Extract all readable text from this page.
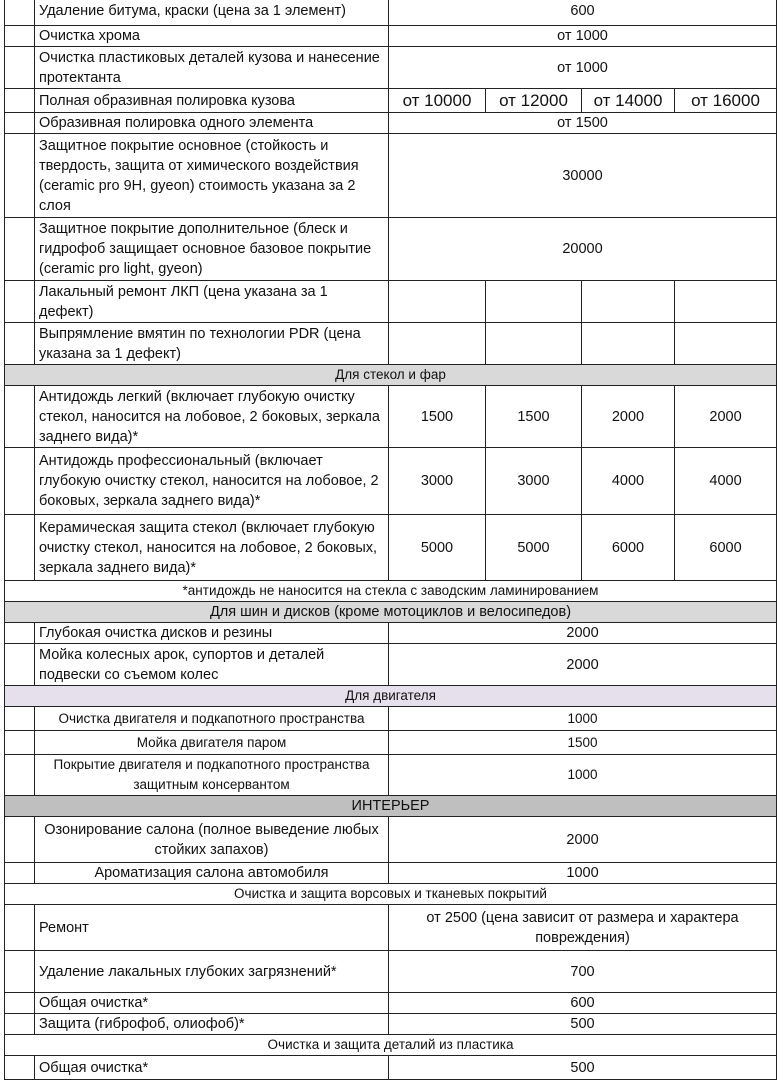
	Удаление битума, краски (цена за 1 элемент)	600			
	Очистка хрома	от 1000			
	Очистка пластиковых деталей кузова и нанесение протектанта	от 1000			
	Полная образивная полировка кузова	от 10000	от 12000	от 14000	от 16000
	Образивная полировка одного элемента	от 1500			
	Защитное покрытие основное (стойкость и твердость, защита от химического воздействия (ceramic pro 9H, gyeon) стоимость указана за 2 слоя	30000			
	Защитное покрытие дополнительное (блеск и гидрофоб защищает основное базовое покрытие (ceramic pro light, gyeon)	20000			
	Лакальный ремонт ЛКП (цена указана за 1 дефект)				
	Выпрямление вмятин по технологии PDR (цена указана за 1 дефект)				
Для стекол и фар					
	Антидождь легкий (включает глубокую очистку стекол, наносится на лобовое, 2 боковых, зеркала заднего вида)*	1500	1500	2000	2000
	Антидождь профессиональный (включает глубокую очистку стекол, наносится на лобовое, 2 боковых, зеркала заднего вида)*	3000	3000	4000	4000
	Керамическая защита стекол (включает глубокую очистку стекол, наносится на лобовое, 2 боковых, зеркала заднего вида)*	5000	5000	6000	6000
*антидождь не наносится на стекла с заводским ламинированием					
Для шин и дисков (кроме мотоциклов и велосипедов)					
	Глубокая очистка дисков и резины	2000			
	Мойка колесных арок, супортов и деталей подвески со съемом колес	2000			
Для двигателя					
	Очистка двигателя и подкапотного пространства	1000			
	Мойка двигателя паром	1500			
	Покрытие двигателя и подкапотного пространства защитным консервантом	1000			
ИНТЕРЬЕР					
	Озонирование салона (полное выведение любых стойких запахов)	2000			
	Ароматизация салона автомобиля	1000			
Очистка и защита ворсовых и тканевых покрытий					
	Ремонт	от 2500 (цена зависит от размера и характера повреждения)			
	Удаление лакальных глубоких загрязнений*	700			
	Общая очистка*	600			
	Защита (гиброфоб, олиофоб)*	500			
Очистка и защита деталий из пластика					
	Общая очистка*	500			
